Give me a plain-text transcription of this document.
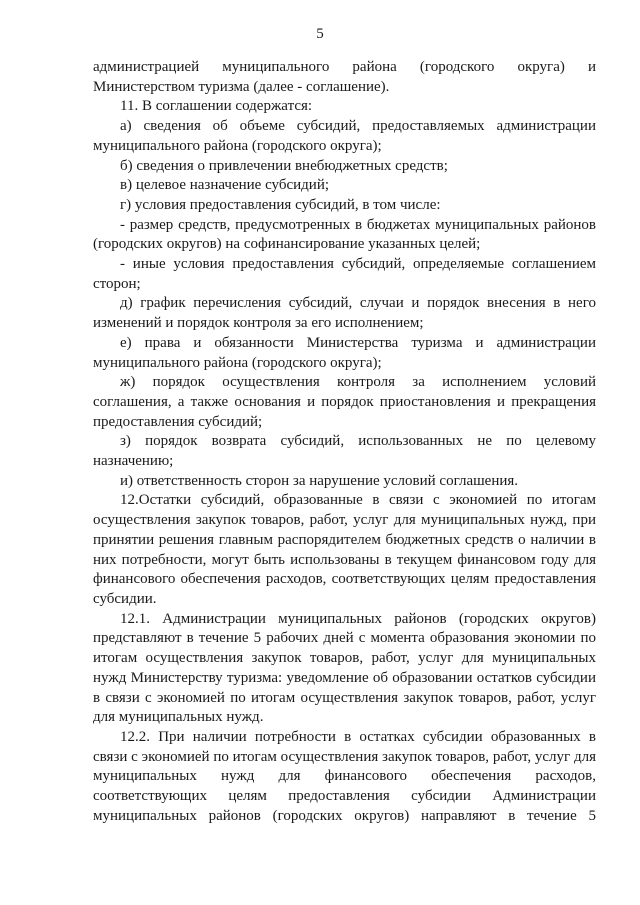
5

администрацией муниципального района (городского округа) и Министерством туризма (далее - соглашение).

11. В соглашении содержатся:

а) сведения об объеме субсидий, предоставляемых администрации муниципального района (городского округа);

б) сведения о привлечении внебюджетных средств;

в) целевое назначение субсидий;

г) условия предоставления субсидий, в том числе:

- размер средств, предусмотренных в бюджетах муниципальных районов (городских округов) на софинансирование указанных целей;

- иные условия предоставления субсидий, определяемые соглашением сторон;

д) график перечисления субсидий, случаи и порядок внесения в него изменений и порядок контроля за его исполнением;

е) права и обязанности Министерства туризма и администрации муниципального района (городского округа);

ж) порядок осуществления контроля за исполнением условий соглашения, а также основания и порядок приостановления и прекращения предоставления субсидий;

з) порядок возврата субсидий, использованных не по целевому назначению;

и) ответственность сторон за нарушение условий соглашения.

12.Остатки субсидий, образованные в связи с экономией по итогам осуществления закупок товаров, работ, услуг для муниципальных нужд, при принятии решения главным распорядителем бюджетных средств о наличии в них потребности, могут быть использованы в текущем финансовом году для финансового обеспечения расходов, соответствующих целям предоставления субсидии.

12.1. Администрации муниципальных районов (городских округов) представляют в течение 5 рабочих дней с момента образования экономии по итогам осуществления закупок товаров, работ, услуг для муниципальных нужд Министерству туризма: уведомление об образовании остатков субсидии в связи с экономией по итогам осуществления закупок товаров, работ, услуг для муниципальных нужд.

12.2. При наличии потребности в остатках субсидии образованных в связи с экономией по итогам осуществления закупок товаров, работ, услуг для муниципальных нужд для финансового обеспечения расходов, соответствующих целям предоставления субсидии Администрации муниципальных районов (городских округов) направляют в течение 5
